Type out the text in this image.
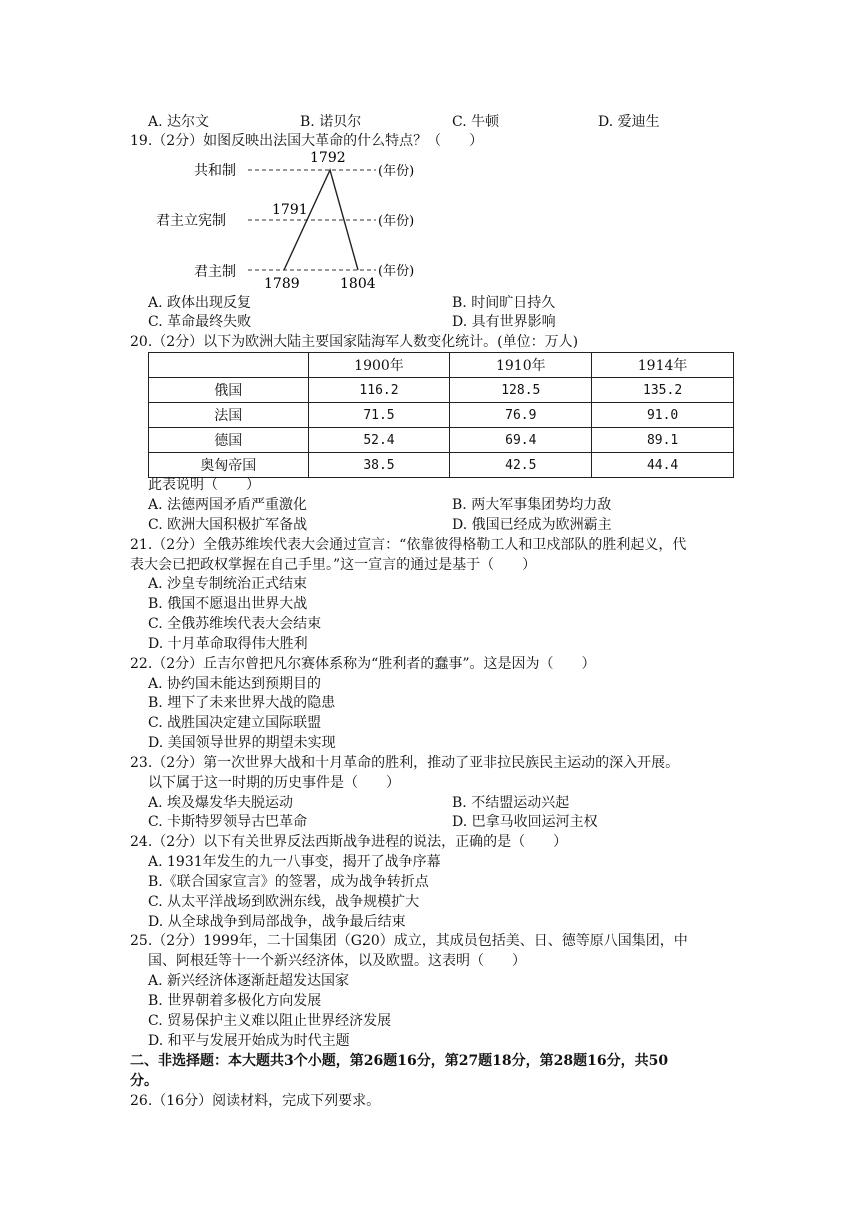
A. 达尔文	B. 诺贝尔	C. 牛顿	D. 爱迪生
19.（2分）如图反映出法国大革命的什么特点？（　　）
共和制
君主立宪制
君主制
(年份)
(年份)
(年份)
1792
1791
1789	1804
A. 政体出现反复	B. 时间旷日持久
C. 革命最终失败	D. 具有世界影响
20.（2分）以下为欧洲大陆主要国家陆海军人数变化统计。(单位：万人)
	1900年	1910年	1914年
俄国	116.2	128.5	135.2
法国	71.5	76.9	91.0
德国	52.4	69.4	89.1
奥匈帝国	38.5	42.5	44.4
此表说明（　　）
A. 法德两国矛盾严重激化	B. 两大军事集团势均力敌
C. 欧洲大国积极扩军备战	D. 俄国已经成为欧洲霸主
21.（2分）全俄苏维埃代表大会通过宣言：“依靠彼得格勒工人和卫戍部队的胜利起义，代
表大会已把政权掌握在自己手里。”这一宣言的通过是基于（　　）
A. 沙皇专制统治正式结束
B. 俄国不愿退出世界大战
C. 全俄苏维埃代表大会结束
D. 十月革命取得伟大胜利
22.（2分）丘吉尔曾把凡尔赛体系称为“胜利者的蠢事”。这是因为（　　）
A. 协约国未能达到预期目的
B. 埋下了未来世界大战的隐患
C. 战胜国决定建立国际联盟
D. 美国领导世界的期望未实现
23.（2分）第一次世界大战和十月革命的胜利，推动了亚非拉民族民主运动的深入开展。
以下属于这一时期的历史事件是（　　）
A. 埃及爆发华夫脱运动	B. 不结盟运动兴起
C. 卡斯特罗领导古巴革命	D. 巴拿马收回运河主权
24.（2分）以下有关世界反法西斯战争进程的说法，正确的是（　　）
A. 1931年发生的九一八事变，揭开了战争序幕
B.《联合国家宣言》的签署，成为战争转折点
C. 从太平洋战场到欧洲东线，战争规模扩大
D. 从全球战争到局部战争，战争最后结束
25.（2分）1999年，二十国集团（G20）成立，其成员包括美、日、德等原八国集团，中
国、阿根廷等十一个新兴经济体，以及欧盟。这表明（　　）
A. 新兴经济体逐渐赶超发达国家
B. 世界朝着多极化方向发展
C. 贸易保护主义难以阻止世界经济发展
D. 和平与发展开始成为时代主题
二、非选择题：本大题共3个小题，第26题16分，第27题18分，第28题16分，共50
分。
26.（16分）阅读材料，完成下列要求。
